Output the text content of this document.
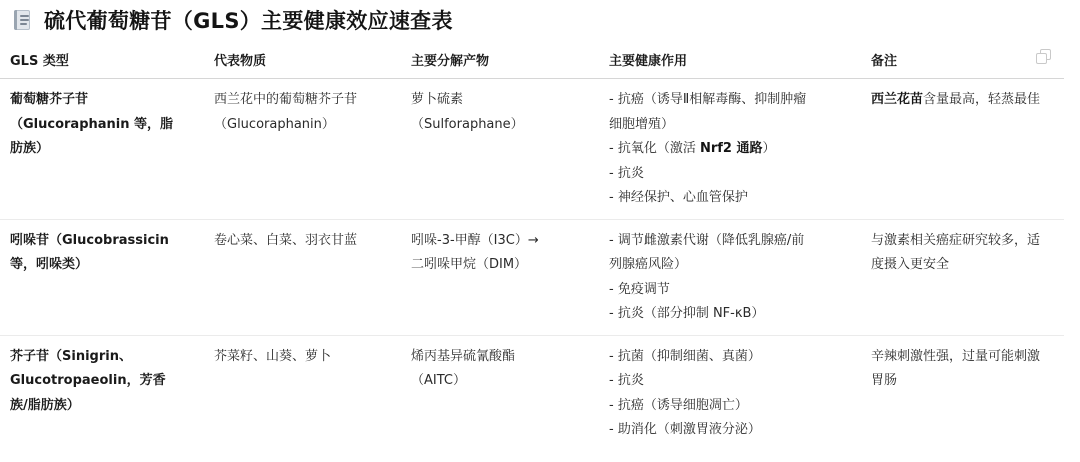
硫代葡萄糖苷（GLS）主要健康效应速查表
GLS 类型	代表物质	主要分解产物	主要健康作用	备注

葡萄糖芥子苷
（Glucoraphanin 等，脂
肪族）	西兰花中的葡萄糖芥子苷
（Glucoraphanin）	萝卜硫素
（Sulforaphane）	- 抗癌（诱导Ⅱ相解毒酶、抑制肿瘤
细胞增殖）
- 抗氧化（激活 Nrf2 通路）
- 抗炎
- 神经保护、心血管保护	西兰花苗含量最高，轻蒸最佳

吲哚苷（Glucobrassicin
等，吲哚类）	卷心菜、白菜、羽衣甘蓝	吲哚-3-甲醇（I3C）→
二吲哚甲烷（DIM）	- 调节雌激素代谢（降低乳腺癌/前
列腺癌风险）
- 免疫调节
- 抗炎（部分抑制 NF-κB）	与激素相关癌症研究较多，适
度摄入更安全

芥子苷（Sinigrin、
Glucotropaeolin，芳香
族/脂肪族）	芥菜籽、山葵、萝卜	烯丙基异硫氰酸酯
（AITC）	- 抗菌（抑制细菌、真菌）
- 抗炎
- 抗癌（诱导细胞凋亡）
- 助消化（刺激胃液分泌）	辛辣刺激性强，过量可能刺激
胃肠
